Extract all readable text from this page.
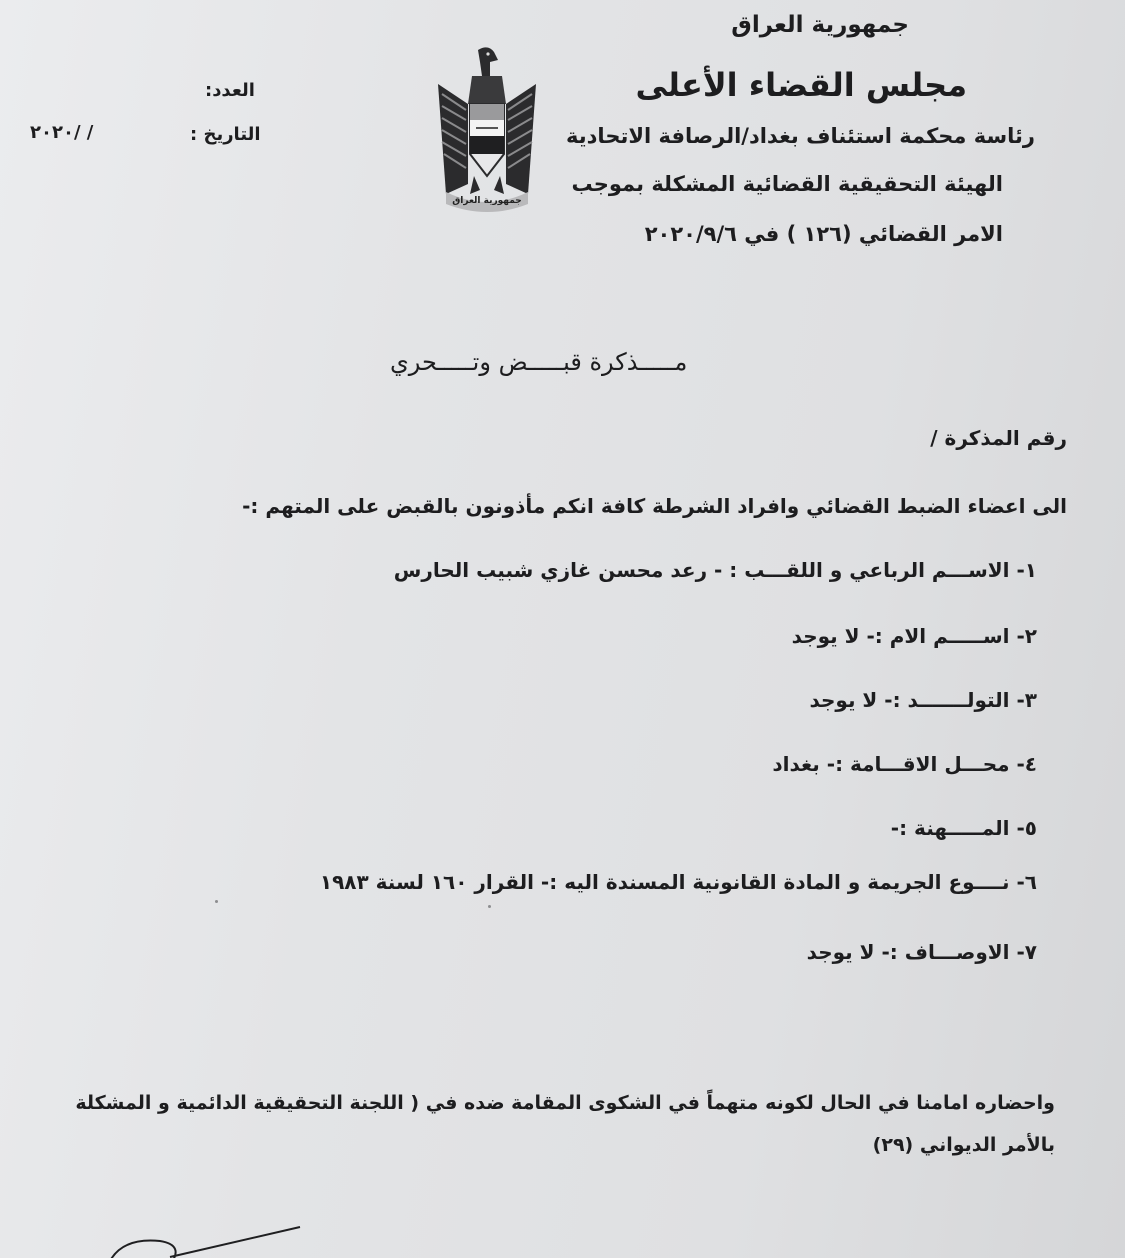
جمهورية العراق
مجلس القضاء الأعلى
رئاسة محكمة استئناف بغداد/الرصافة الاتحادية
الهيئة التحقيقية القضائية المشكلة بموجب
الامر القضائي (١٢٦ ) في ٢٠٢٠/٩/٦
العدد:
التاريخ :
٢٠٢٠/ /
جمهورية العراق
مـــــذكرة قبـــــض وتـــــحري
رقم المذكرة /
الى اعضاء الضبط القضائي وافراد الشرطة كافة انكم مأذونون بالقبض على المتهم :-
١- الاســـم الرباعي و اللقـــب : - رعد محسن غازي شبيب الحارس
٢- اســـــم الام :- لا يوجد
٣- التولـــــــد :- لا يوجد
٤- محـــل الاقـــامة :- بغداد
٥- المـــــهنة :-
٦- نــــوع الجريمة و المادة القانونية المسندة اليه :- القرار ١٦٠ لسنة ١٩٨٣
٧- الاوصـــاف :- لا يوجد
واحضاره امامنا في الحال لكونه متهماً في الشكوى المقامة ضده في ( اللجنة التحقيقية الدائمية و المشكلة
بالأمر الديواني (٢٩)
